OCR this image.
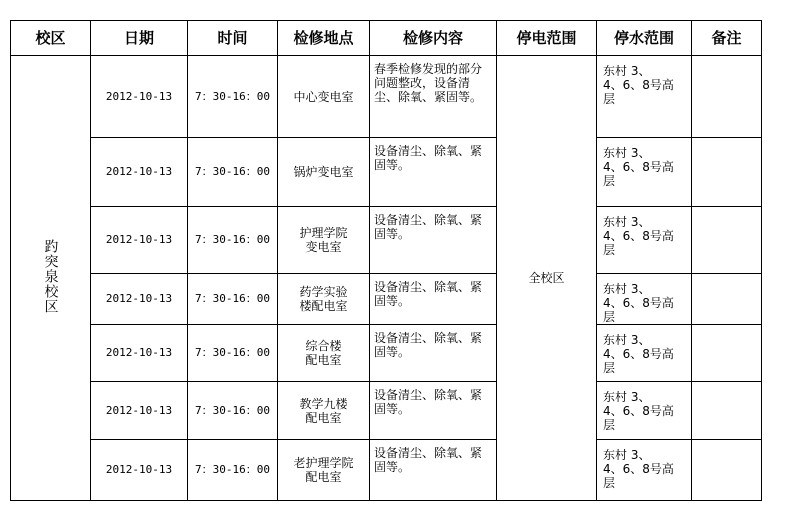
校区	日期	时间	检修地点	检修内容	停电范围	停水范围	备注

趵突泉校区	2012-10-13	7：30-16：00	中心变电室	春季检修发现的部分问题整改，设备清尘、除氧、紧固等。	全校区	东村 3、
4、6、8号高
层	

	2012-10-13	7：30-16：00	锅炉变电室	设备清尘、除氧、紧固等。		东村 3、
4、6、8号高
层	

	2012-10-13	7：30-16：00	护理学院
变电室	设备清尘、除氧、紧固等。		东村 3、
4、6、8号高
层	

	2012-10-13	7：30-16：00	药学实验
楼配电室	设备清尘、除氧、紧固等。		东村 3、
4、6、8号高
层	

	2012-10-13	7：30-16：00	综合楼
配电室	设备清尘、除氧、紧固等。		东村 3、
4、6、8号高
层	

	2012-10-13	7：30-16：00	教学九楼
配电室	设备清尘、除氧、紧固等。		东村 3、
4、6、8号高
层	

	2012-10-13	7：30-16：00	老护理学院
配电室	设备清尘、除氧、紧固等。		东村 3、
4、6、8号高
层	
